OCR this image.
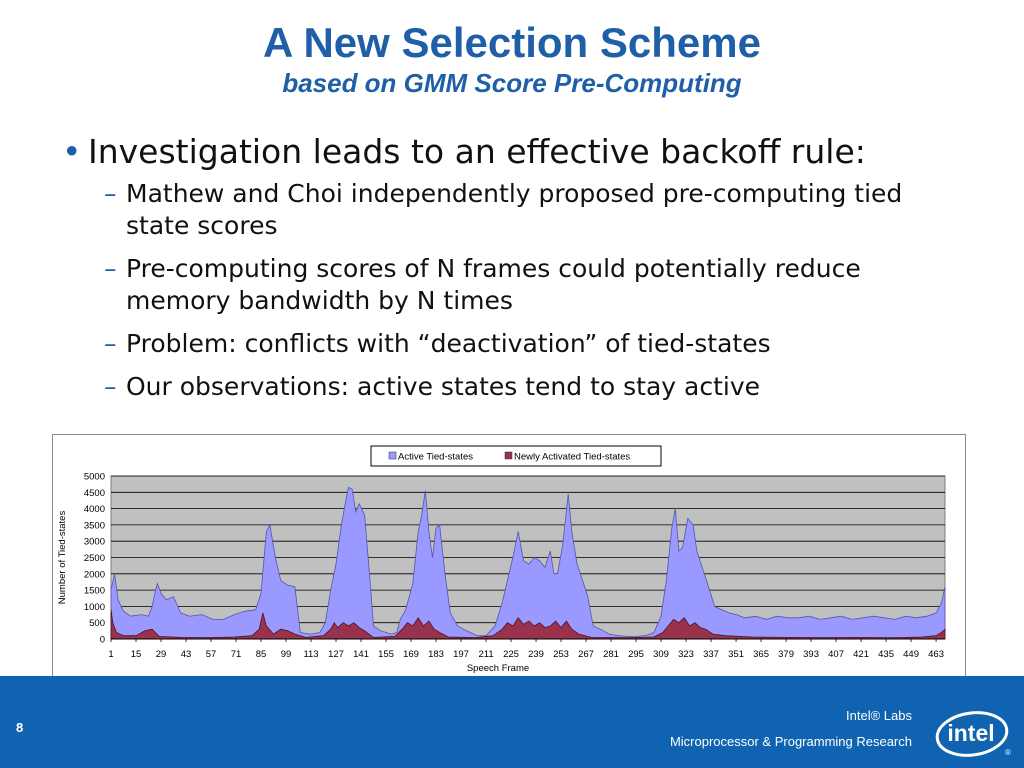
A New Selection Scheme
based on GMM Score Pre-Computing
• Investigation leads to an effective backoff rule:
– Mathew and Choi independently proposed pre-computing tied state scores
– Pre-computing scores of N frames could potentially reduce memory bandwidth by N times
– Problem: conflicts with “deactivation” of tied-states
– Our observations: active states tend to stay active
0
500
1000
1500
2000
2500
3000
3500
4000
4500
5000
1 15 29 43 57 71 85 99 113 127 141 155 169 183 197 211 225 239 253 267 281 295 309 323 337 351 365 379 393 407 421 435 449 463
Speech Frame
Number of Tied-states
Active Tied-states	Newly Activated Tied-states
8
Intel® Labs
Microprocessor & Programming Research intel
®
